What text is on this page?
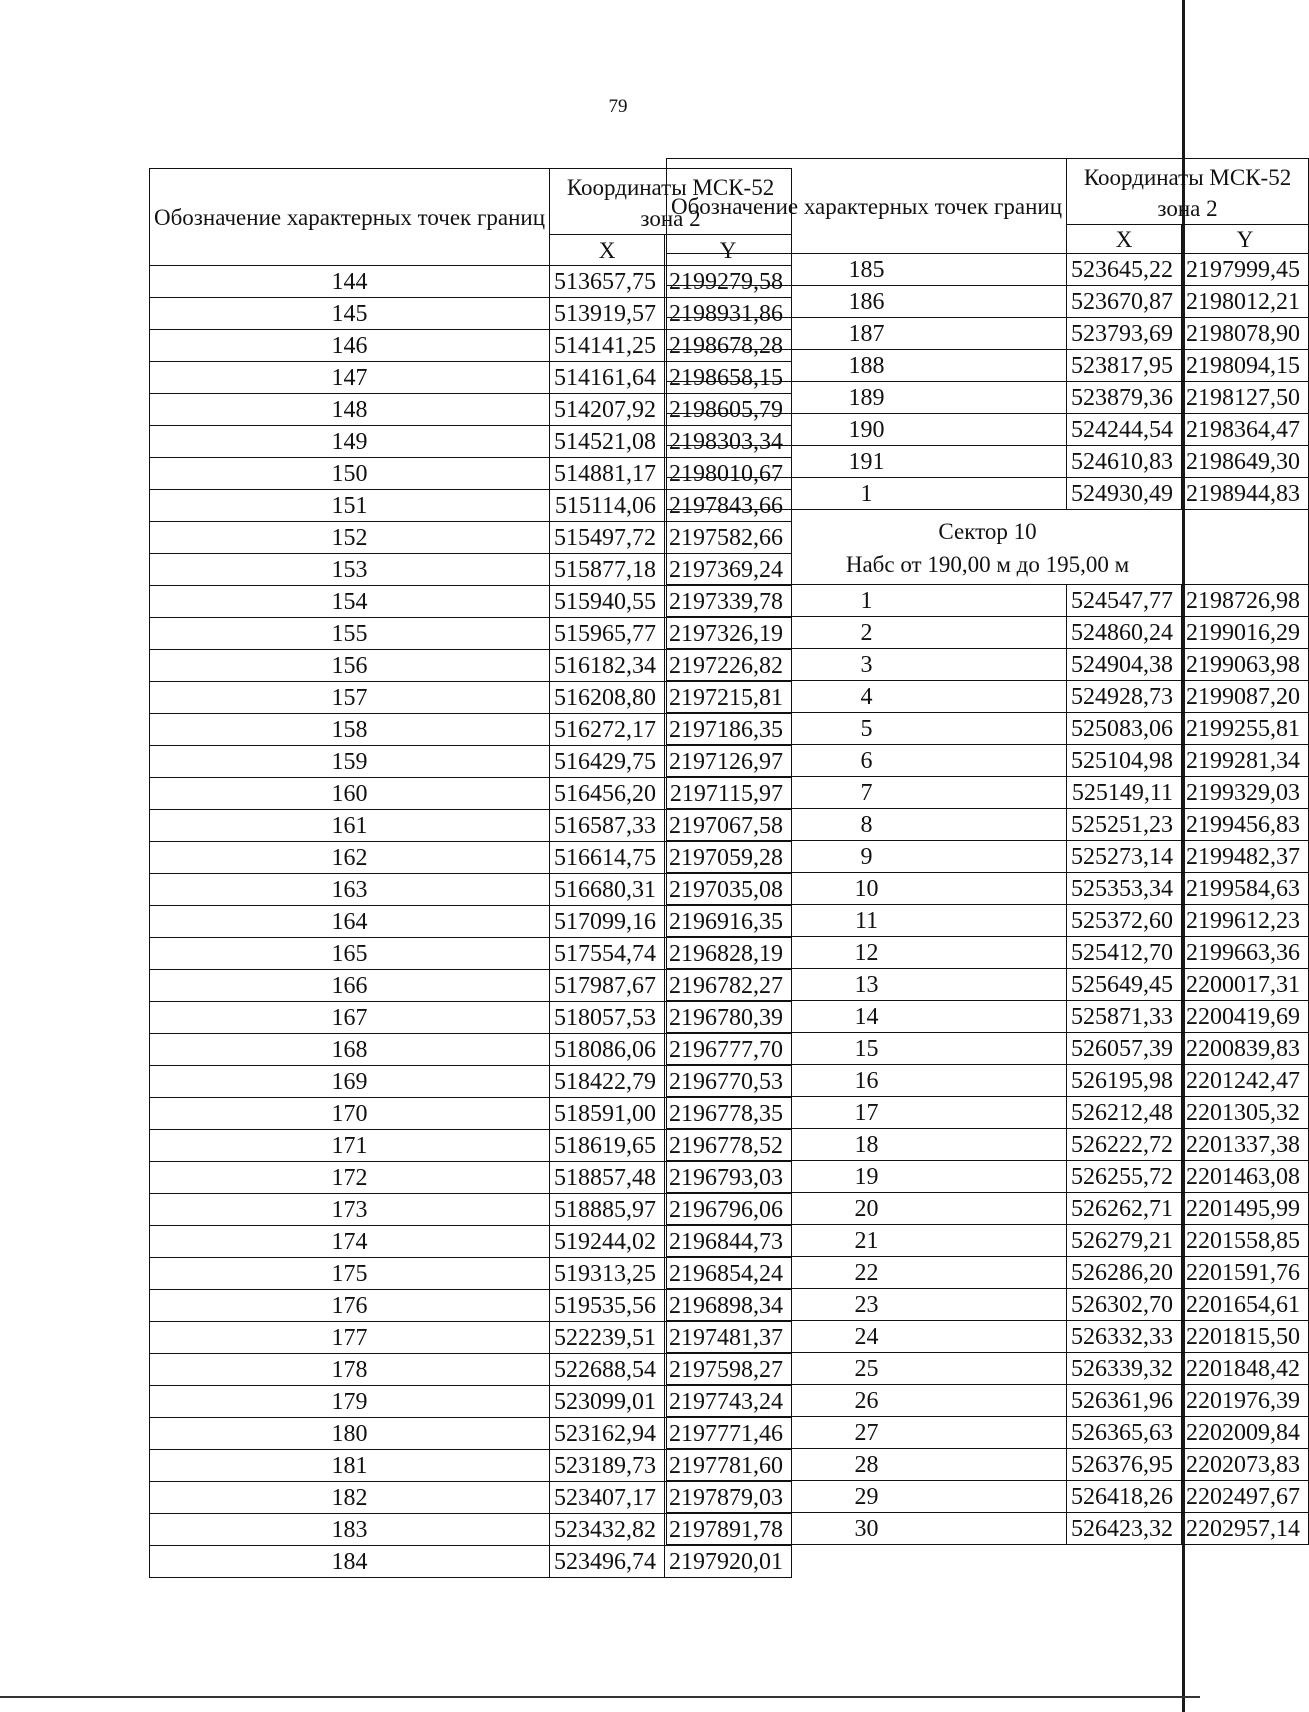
79
Обозначение характерных точек границ	Координаты МСК-52
зона 2	
	X	Y
144	513657,75	2199279,58
145	513919,57	2198931,86
146	514141,25	2198678,28
147	514161,64	2198658,15
148	514207,92	2198605,79
149	514521,08	2198303,34
150	514881,17	2198010,67
151	515114,06	2197843,66
152	515497,72	2197582,66
153	515877,18	2197369,24
154	515940,55	2197339,78
155	515965,77	2197326,19
156	516182,34	2197226,82
157	516208,80	2197215,81
158	516272,17	2197186,35
159	516429,75	2197126,97
160	516456,20	2197115,97
161	516587,33	2197067,58
162	516614,75	2197059,28
163	516680,31	2197035,08
164	517099,16	2196916,35
165	517554,74	2196828,19
166	517987,67	2196782,27
167	518057,53	2196780,39
168	518086,06	2196777,70
169	518422,79	2196770,53
170	518591,00	2196778,35
171	518619,65	2196778,52
172	518857,48	2196793,03
173	518885,97	2196796,06
174	519244,02	2196844,73
175	519313,25	2196854,24
176	519535,56	2196898,34
177	522239,51	2197481,37
178	522688,54	2197598,27
179	523099,01	2197743,24
180	523162,94	2197771,46
181	523189,73	2197781,60
182	523407,17	2197879,03
183	523432,82	2197891,78
184	523496,74	2197920,01
Обозначение характерных точек границ	Координаты МСК-52
зона 2	
	X	Y
185	523645,22	2197999,45
186	523670,87	2198012,21
187	523793,69	2198078,90
188	523817,95	2198094,15
189	523879,36	2198127,50
190	524244,54	2198364,47
191	524610,83	2198649,30
1	524930,49	2198944,83
Сектор 10
Набс от 190,00 м до 195,00 м		
1	524547,77	2198726,98
2	524860,24	2199016,29
3	524904,38	2199063,98
4	524928,73	2199087,20
5	525083,06	2199255,81
6	525104,98	2199281,34
7	525149,11	2199329,03
8	525251,23	2199456,83
9	525273,14	2199482,37
10	525353,34	2199584,63
11	525372,60	2199612,23
12	525412,70	2199663,36
13	525649,45	2200017,31
14	525871,33	2200419,69
15	526057,39	2200839,83
16	526195,98	2201242,47
17	526212,48	2201305,32
18	526222,72	2201337,38
19	526255,72	2201463,08
20	526262,71	2201495,99
21	526279,21	2201558,85
22	526286,20	2201591,76
23	526302,70	2201654,61
24	526332,33	2201815,50
25	526339,32	2201848,42
26	526361,96	2201976,39
27	526365,63	2202009,84
28	526376,95	2202073,83
29	526418,26	2202497,67
30	526423,32	2202957,14
